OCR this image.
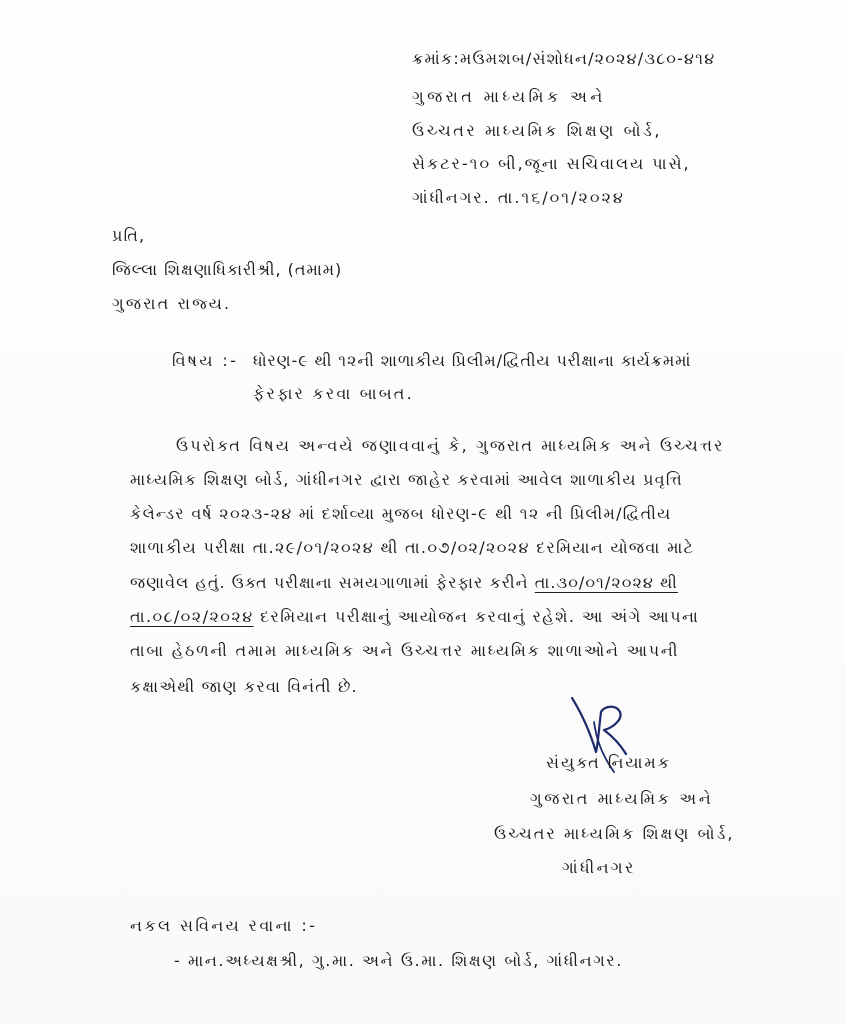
ક્રમાંક:મઉમશબ/સંશોધન/૨૦૨૪/૩૮૦-૪૧૪
ગુજરાત માધ્યમિક અને
ઉચ્ચતર માધ્યમિક શિક્ષણ બોર્ડ,
સેકટર-૧૦ બી,જૂના સચિવાલય પાસે,
ગાંધીનગર. તા.૧૬/૦૧/૨૦૨૪
પ્રતિ,
જિલ્લા શિક્ષણાધિકારીશ્રી, (તમામ)
ગુજરાત રાજ્ય.
વિષય :- ધોરણ-૯ થી ૧૨ની શાળાકીય પ્રિલીમ/દ્વિતીય પરીક્ષાના કાર્યક્રમમાં
ફેરફાર કરવા બાબત.
ઉપરોક્ત વિષય અન્વયે જણાવવાનું કે, ગુજરાત માધ્યમિક અને ઉચ્ચત્તર
માધ્યમિક શિક્ષણ બોર્ડ, ગાંધીનગર દ્વારા જાહેર કરવામાં આવેલ શાળાકીય પ્રવૃત્તિ
કેલેન્ડર વર્ષ ૨૦૨૩-૨૪ માં દર્શાવ્યા મુજબ ધોરણ-૯ થી ૧૨ ની પ્રિલીમ/દ્વિતીય
શાળાકીય પરીક્ષા તા.૨૯/૦૧/૨૦૨૪ થી તા.૦૭/૦૨/૨૦૨૪ દરમિયાન યોજવા માટે
જણાવેલ હતું. ઉક્ત પરીક્ષાના સમયગાળામાં ફેરફાર કરીને તા.૩૦/૦૧/૨૦૨૪ થી
તા.૦૮/૦૨/૨૦૨૪ દરમિયાન પરીક્ષાનું આયોજન કરવાનું રહેશે. આ અંગે આપના
તાબા હેઠળની તમામ માધ્યમિક અને ઉચ્ચત્તર માધ્યમિક શાળાઓને આપની
કક્ષાએથી જાણ કરવા વિનંતી છે.
સંયુક્ત નિયામક
ગુજરાત માધ્યમિક અને
ઉચ્ચતર માધ્યમિક શિક્ષણ બોર્ડ,
ગાંધીનગર
નકલ સવિનય રવાના :-
- માન.અધ્યક્ષશ્રી, ગુ.મા. અને ઉ.મા. શિક્ષણ બોર્ડ, ગાંધીનગર.
